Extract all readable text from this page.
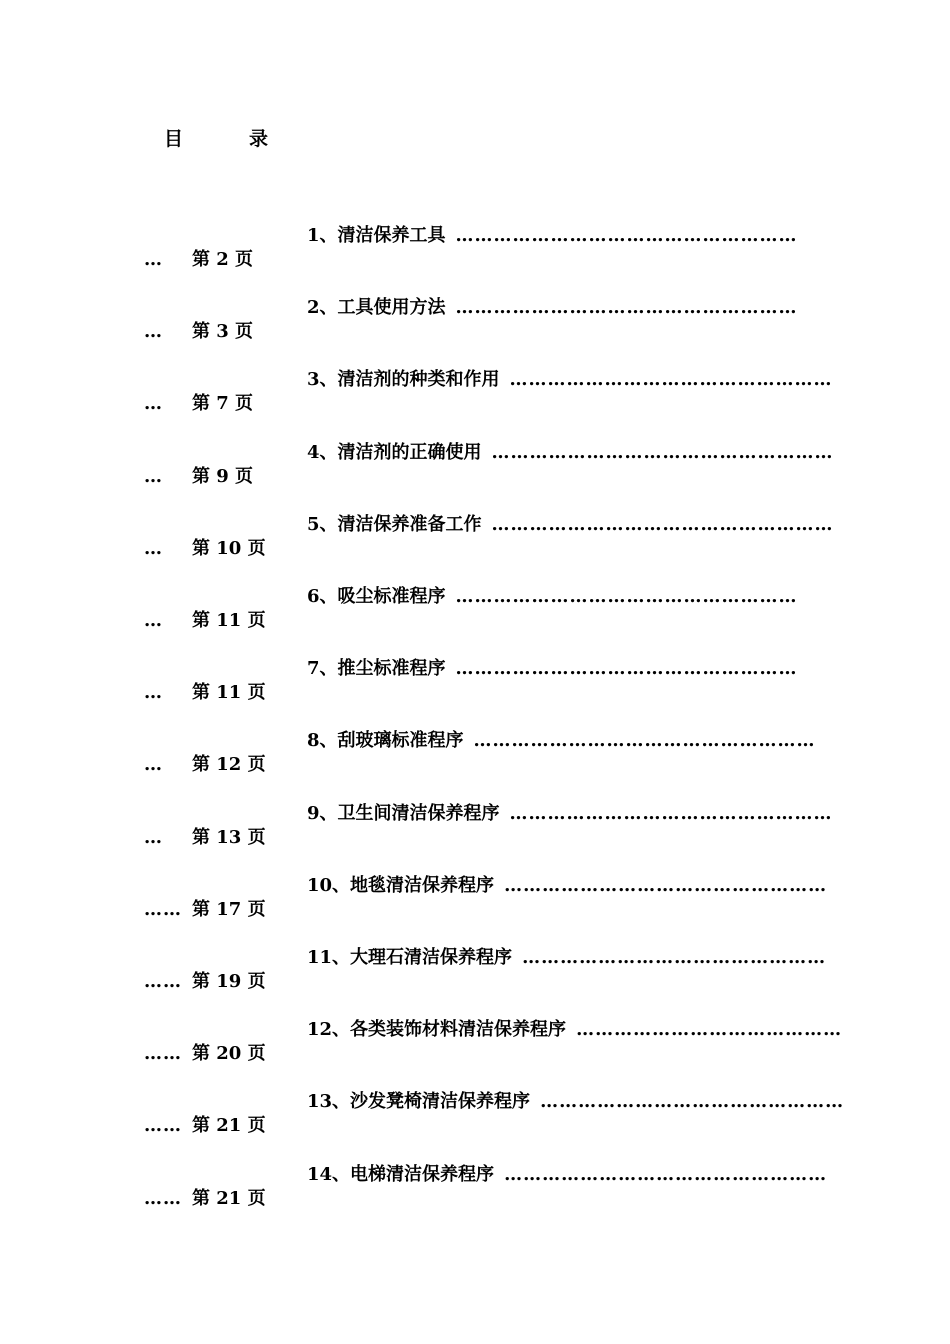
目	录
1、清洁保养工具 ………………………………………………
… 第 2 页
2、工具使用方法 ………………………………………………
… 第 3 页
3、清洁剂的种类和作用 ……………………………………………
… 第 7 页
4、清洁剂的正确使用 ………………………………………………
… 第 9 页
5、清洁保养准备工作 ………………………………………………
… 第 10 页
6、吸尘标准程序 ………………………………………………
… 第 11 页
7、推尘标准程序 ………………………………………………
… 第 11 页
8、刮玻璃标准程序 ………………………………………………
… 第 12 页
9、卫生间清洁保养程序 ……………………………………………
… 第 13 页
10、地毯清洁保养程序 ……………………………………………
…… 第 17 页
11、大理石清洁保养程序 …………………………………………
…… 第 19 页
12、各类装饰材料清洁保养程序 ……………………………………
…… 第 20 页
13、沙发凳椅清洁保养程序 …………………………………………
…… 第 21 页
14、电梯清洁保养程序 ……………………………………………
…… 第 21 页
